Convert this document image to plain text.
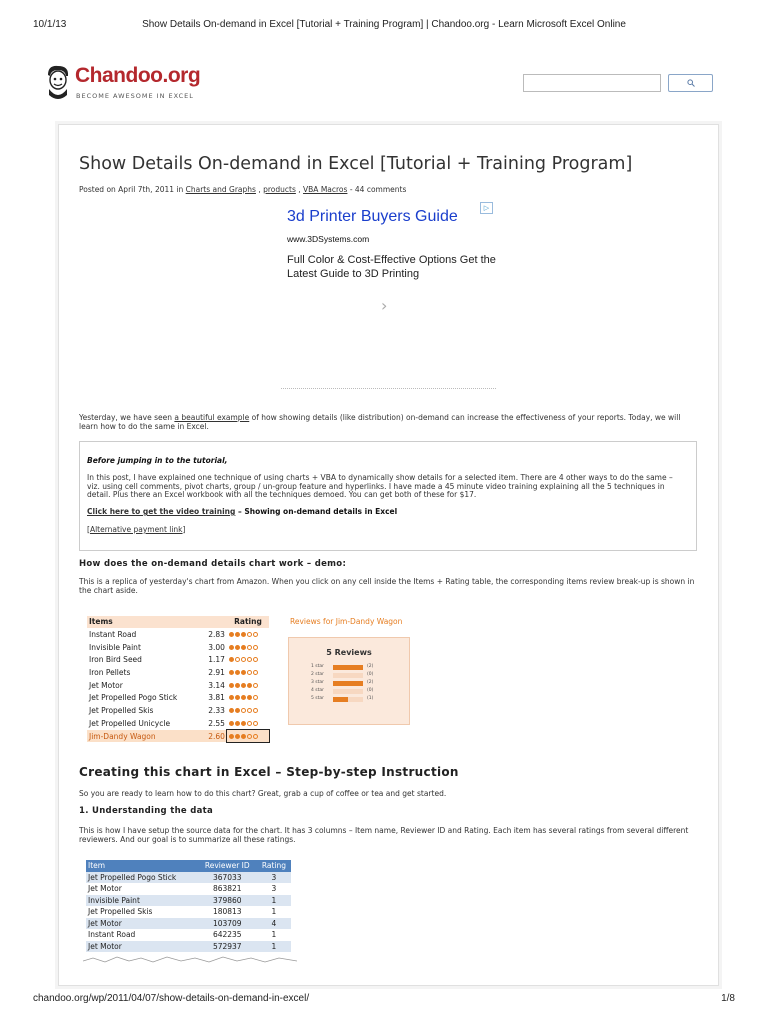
10/1/13	Show Details On-demand in Excel [Tutorial + Training Program] | Chandoo.org - Learn Microsoft Excel Online
Chandoo.org
BECOME AWESOME IN EXCEL
Show Details On-demand in Excel [Tutorial + Training Program]
Posted on April 7th, 2011 in Charts and Graphs , products , VBA Macros - 44 comments
▷
3d Printer Buyers Guide
www.3DSystems.com
Full Color & Cost-Effective Options Get the Latest Guide to 3D Printing
›
Yesterday, we have seen a beautiful example of how showing details (like distribution) on-demand can increase the effectiveness of your reports. Today, we will learn how to do the same in Excel.
Before jumping in to the tutorial,
In this post, I have explained one technique of using charts + VBA to dynamically show details for a selected item. There are 4 other ways to do the same – viz. using cell comments, pivot charts, group / un-group feature and hyperlinks. I have made a 45 minute video training explaining all the 5 techniques in detail. Plus there an Excel workbook with all the techniques demoed. You can get both of these for $17.
Click here to get the video training – Showing on-demand details in Excel
[Alternative payment link]
How does the on-demand details chart work – demo:
This is a replica of yesterday's chart from Amazon. When you click on any cell inside the Items + Rating table, the corresponding items review break-up is shown in the chart aside.
Items		Rating
Instant Road	2.83	
Invisible Paint	3.00	
Iron Bird Seed	1.17	
Iron Pellets	2.91	
Jet Motor	3.14	
Jet Propelled Pogo Stick	3.81	
Jet Propelled Skis	2.33	
Jet Propelled Unicycle	2.55	
Jim-Dandy Wagon	2.60	
Reviews for Jim-Dandy Wagon
5 Reviews
1 star	(2)
2 star	(0)
3 star	(2)
4 star	(0)
5 star	(1)
Creating this chart in Excel – Step-by-step Instruction
So you are ready to learn how to do this chart? Great, grab a cup of coffee or tea and get started.
1. Understanding the data
This is how I have setup the source data for the chart. It has 3 columns – Item name, Reviewer ID and Rating. Each item has several ratings from several different reviewers. And our goal is to summarize all these ratings.
Item	Reviewer ID	Rating
Jet Propelled Pogo Stick	367033	3
Jet Motor	863821	3
Invisible Paint	379860	1
Jet Propelled Skis	180813	1
Jet Motor	103709	4
Instant Road	642235	1
Jet Motor	572937	1
chandoo.org/wp/2011/04/07/show-details-on-demand-in-excel/	1/8
